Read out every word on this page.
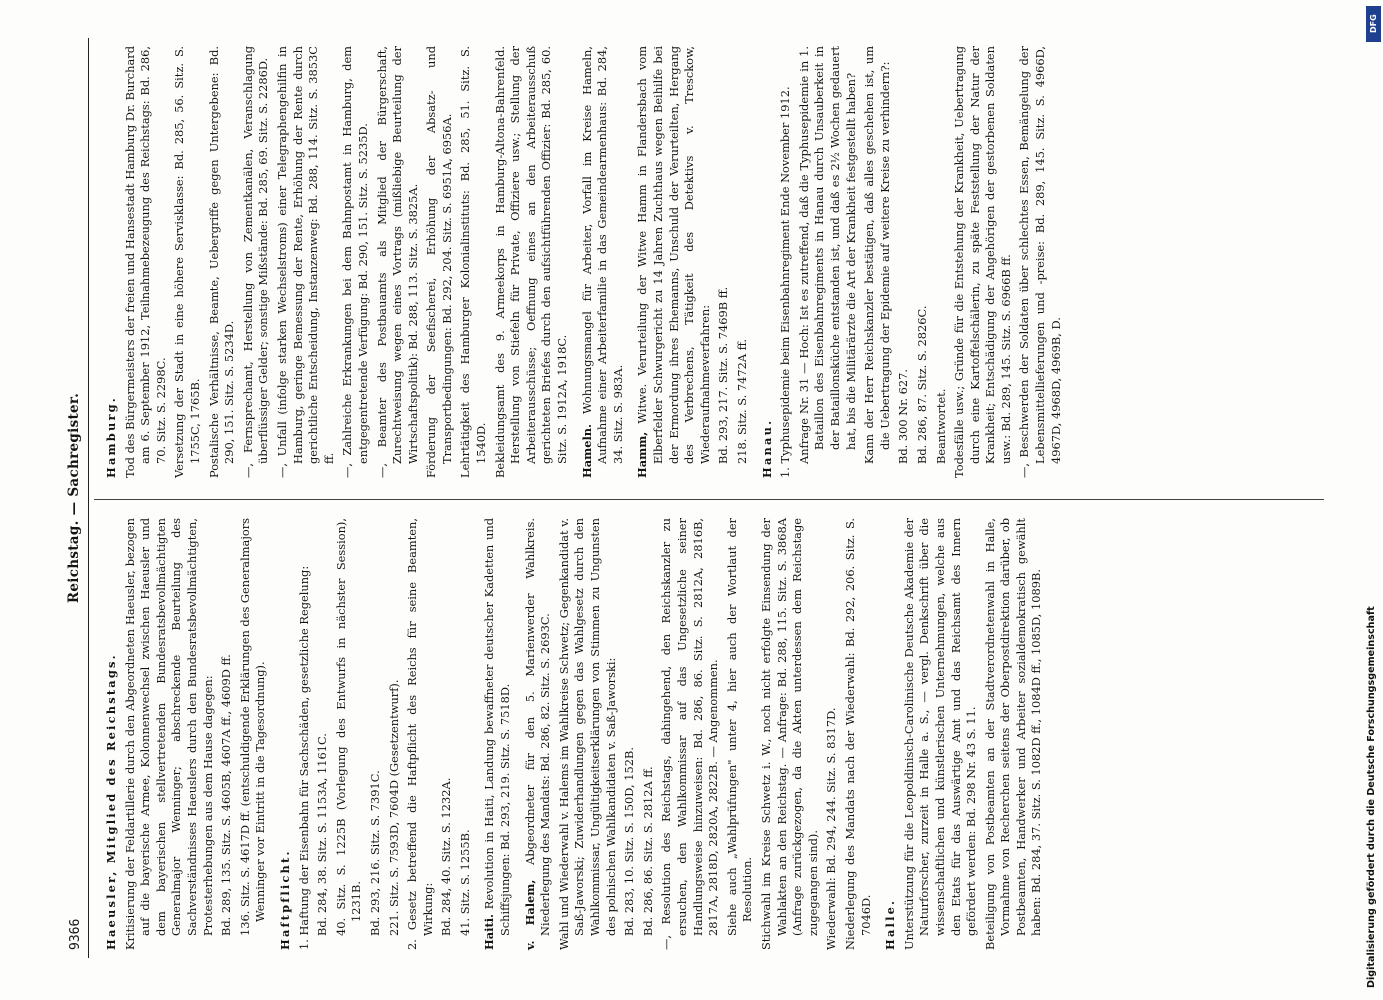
9366
Reichstag. — Sachregister.
Haeusler, Mitglied des Reichstags. Kritisierung der Feldartillerie durch den Abgeordneten Haeusler, bezogen auf die bayerische Armee, Kolonnenwechsel zwischen Haeusler und dem bayerischen stellvertretenden Bundesratsbevollmächtigten Generalmajor Wenninger; abschreckende Beurteilung des Sachverständnisses Haeuslers durch den Bundesratsbevollmächtigten, Protesterhebungen aus dem Hause dagegen: Bd. 289, 135. Sitz. S. 4605B, 4607A ff., 4609D ff. 136. Sitz. S. 4617D ff. (entschuldigende Erklärungen des Generalmajors Wenninger vor Eintritt in die Tagesordnung). Haftpflicht. 1. Haftung der Eisenbahn für Sachschäden, gesetzliche Regelung: Bd. 284, 38. Sitz. S. 1153A, 1161C. 40. Sitz. S. 1225B (Vorlegung des Entwurfs in nächster Session), 1231B. Bd. 293, 216. Sitz. S. 7391C. 221. Sitz. S. 7593D, 7604D (Gesetzentwurf). 2. Gesetz betreffend die Haftpflicht des Reichs für seine Beamten, Wirkung: Bd. 284, 40. Sitz. S. 1232A. 41. Sitz. S. 1255B. Haiti. Revolution in Haiti, Landung bewaffneter deutscher Kadetten und Schiffsjungen: Bd. 293, 219. Sitz. S. 7518D. v. Halem, Abgeordneter für den 5. Marienwerder Wahlkreis. Niederlegung des Mandats: Bd. 286, 82. Sitz. S. 2693C. Wahl und Wiederwahl v. Halems im Wahlkreise Schwetz; Gegenkandidat v. Saß-Jaworski; Zuwiderhandlungen gegen das Wahlgesetz durch den Wahlkommissar, Ungültigkeitserklärungen von Stimmen zu Ungunsten des polnischen Wahlkandidaten v. Saß-Jaworski: Bd. 283, 10. Sitz. S. 150D, 152B. Bd. 286, 86. Sitz. S. 2812A ff. —, Resolution des Reichstags, dahingehend, den Reichskanzler zu ersuchen, den Wahlkommissar auf das Ungesetzliche seiner Handlungsweise hinzuweisen: Bd. 286, 86. Sitz. S. 2812A, 2816B, 2817A, 2818D, 2820A, 2822B. — Angenommen. Siehe auch „Wahlprüfungen" unter 4, hier auch der Wortlaut der Resolution. Stichwahl im Kreise Schwetz i. W., noch nicht erfolgte Einsendung der Wahlakten an den Reichstag. — Anfrage: Bd. 288, 115. Sitz. S. 3868A (Anfrage zurückgezogen, da die Akten unterdessen dem Reichstage zugegangen sind). Wiederwahl: Bd. 294, 244. Sitz. S. 8317D. Niederlegung des Mandats nach der Wiederwahl: Bd. 292, 206. Sitz. S. 7046D. Halle. Unterstützung für die Leopoldinisch-Carolinische Deutsche Akademie der Naturforscher, zurzeit in Halle a. S., — vergl. Denkschrift über die wissenschaftlichen und künstlerischen Unternehmungen, welche aus den Etats für das Auswärtige Amt und das Reichsamt des Innern gefördert werden: Bd. 298 Nr. 43 S. 11. Beteiligung von Postbeamten an der Stadtverordnetenwahl in Halle, Vormahme von Recherchen seitens der Oberpostdirektion darüber, ob Postbeamten, Handwerker und Arbeiter sozialdemokratisch gewählt haben: Bd. 284, 37. Sitz. S. 1082D ff., 1084D ff., 1085D, 1089B.
Hamburg. Tod des Bürgermeisters der freien und Hansestadt Hamburg Dr. Burchard am 6. September 1912, Teilnahmebezeugung des Reichstags: Bd. 286, 70. Sitz. S. 2298C. Versetzung der Stadt in eine höhere Servisklasse: Bd. 285, 56. Sitz. S. 1755C, 1765B. Postalische Verhältnisse, Beamte, Uebergriffe gegen Untergebene: Bd. 290, 151. Sitz. S. 5234D. —, Fernsprechamt, Herstellung von Zementkanälen, Veranschlagung überflüssiger Gelder; sonstige Mißstände: Bd. 285, 69. Sitz. S. 2286D. —, Unfall (infolge starken Wechselstroms) einer Telegraphengehilfin in Hamburg, geringe Bemessung der Rente, Erhöhung der Rente durch gerichtliche Entscheidung, Instanzenweg: Bd. 288, 114. Sitz. S. 3853C ff. —, Zahlreiche Erkrankungen bei dem Bahnpostamt in Hamburg, dem entgegentretende Verfügung: Bd. 290, 151. Sitz. S. 5235D. —, Beamter des Postbauamts als Mitglied der Bürgerschaft, Zurechtweisung wegen eines Vortrags (mißliebige Beurteilung der Wirtschaftspolitik): Bd. 288, 113. Sitz. S. 3825A. Förderung der Seefischerei, Erhöhung der Absatz- und Transportbedingungen: Bd. 292, 204. Sitz. S. 6951A, 6956A. Lehrtätigkeit des Hamburger Kolonialinstituts: Bd. 285, 51. Sitz. S. 1540D. Bekleidungsamt des 9. Armeekorps in Hamburg-Altona-Bahrenfeld. Herstellung von Stiefeln für Private, Offiziere usw.; Stellung der Arbeiterausschüsse; Oeffnung eines an den Arbeiterausschuß gerichteten Briefes durch den aufsichtführenden Offizier: Bd. 285, 60. Sitz. S. 1912A, 1918C. Hameln. Wohnungsmangel für Arbeiter, Vorfall im Kreise Hameln, Aufnahme einer Arbeiterfamilie in das Gemeindearmenhaus: Bd. 284, 34. Sitz. S. 983A. Hamm, Witwe. Verurteilung der Witwe Hamm in Flandersbach vom Elberfelder Schwurgericht zu 14 Jahren Zuchthaus wegen Beihilfe bei der Ermordung ihres Ehemanns, Unschuld der Verurteilten, Hergang des Verbrechens, Tätigkeit des Detektivs v. Tresckow, Wiederaufnahmeverfahren: Bd. 293, 217. Sitz. S. 7469B ff. 218. Sitz. S. 7472A ff. Hanau. 1. Typhusepidemie beim Eisenbahnregiment Ende November 1912. Anfrage Nr. 31 — Hoch: Ist es zutreffend, daß die Typhusepidemie in 1. Bataillon des Eisenbahnregiments in Hanau durch Unsauberkeit in der Bataillonsküche entstanden ist, und daß es 2½ Wochen gedauert hat, bis die Militärärzte die Art der Krankheit festgestellt haben? Kann der Herr Reichskanzler bestätigen, daß alles geschehen ist, um die Uebertragung der Epidemie auf weitere Kreise zu verhindern?: Bd. 300 Nr. 627. Bd. 286, 87. Sitz. S. 2826C. Beantwortet. Todesfälle usw.; Gründe für die Entstehung der Krankheit, Uebertragung durch eine Kartoffelschälerin, zu späte Feststellung der Natur der Krankheit; Entschädigung der Angehörigen der gestorbenen Soldaten usw.: Bd. 289, 145. Sitz. S. 6966B ff. —, Beschwerden der Soldaten über schlechtes Essen, Bemängelung der Lebensmittellieferungen und -preise: Bd. 289, 145. Sitz. S. 4966D, 4967D, 4968D, 4969B, D.
Digitalisierung gefördert durch die Deutsche Forschungsgemeinschaft
DFG
